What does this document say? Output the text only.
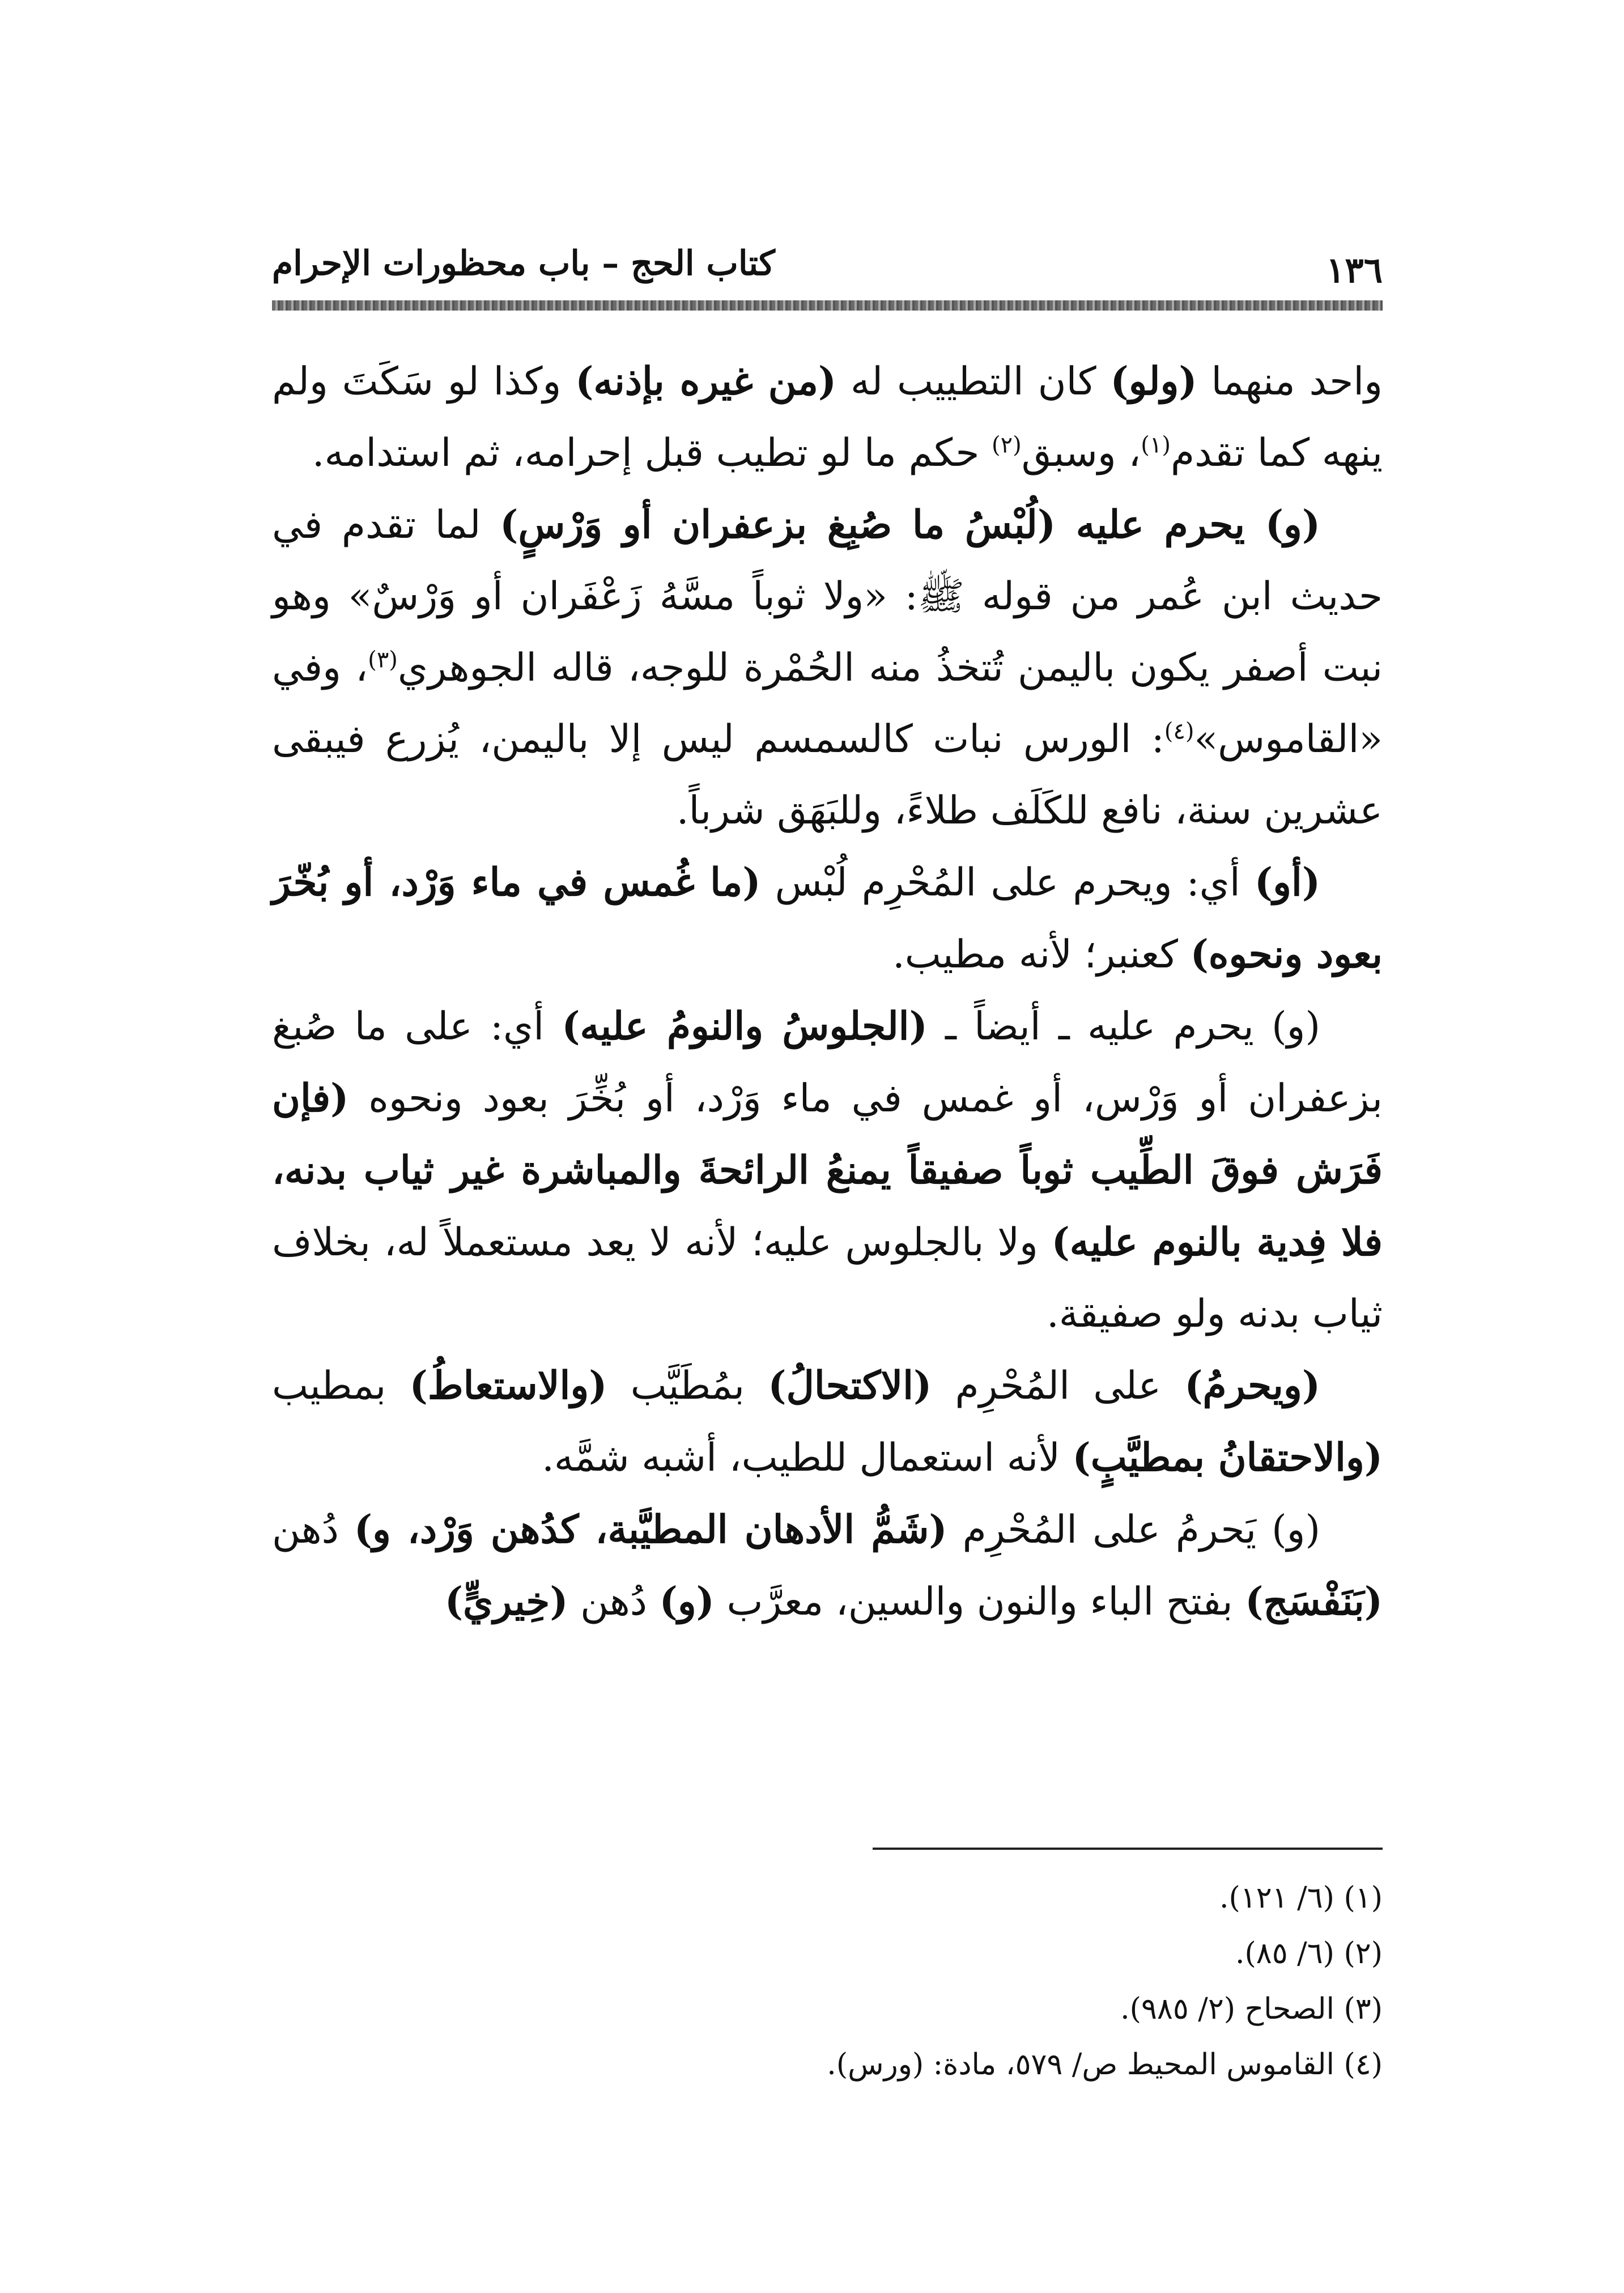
١٣٦
كتاب الحج – باب محظورات الإحرام

واحد منهما (ولو) كان التطييب له (من غيره بإذنه) وكذا لو سَكَتَ ولم ينهه كما تقدم$^{(١)}$، وسبق$^{(٢)}$ حكم ما لو تطيب قبل إحرامه، ثم استدامه.

(و) يحرم عليه (لُبْسُ ما صُبِغ بزعفران أو وَرْسٍ) لما تقدم في حديث ابن عُمر من قوله ﷺ: «ولا ثوباً مسَّهُ زَعْفَران أو وَرْسٌ» وهو نبت أصفر يكون باليمن تُتخذُ منه الحُمْرة للوجه، قاله الجوهري$^{(٣)}$، وفي «القاموس»$^{(٤)}$: الورس نبات كالسمسم ليس إلا باليمن، يُزرع فيبقى عشرين سنة، نافع للكَلَف طلاءً، وللبَهَق شرباً.

(أو) أي: ويحرم على المُحْرِم لُبْس (ما غُمس في ماء وَرْد، أو بُخّرَ بعود ونحوه) كعنبر؛ لأنه مطيب.

(و) يحرم عليه ـ أيضاً ـ (الجلوسُ والنومُ عليه) أي: على ما صُبغ بزعفران أو وَرْس، أو غمس في ماء وَرْد، أو بُخِّرَ بعود ونحوه (فإن فَرَش فوقَ الطِّيب ثوباً صفيقاً يمنعُ الرائحةَ والمباشرة غير ثياب بدنه، فلا فِدية بالنوم عليه) ولا بالجلوس عليه؛ لأنه لا يعد مستعملاً له، بخلاف ثياب بدنه ولو صفيقة.

(ويحرمُ) على المُحْرِم (الاكتحالُ) بمُطَيَّب (والاستعاطُ) بمطيب (والاحتقانُ بمطيَّبٍ) لأنه استعمال للطيب، أشبه شمَّه.

(و) يَحرمُ على المُحْرِم (شَمُّ الأدهان المطيَّبة، كدُهن وَرْد، و) دُهن (بَنَفْسَج) بفتح الباء والنون والسين، معرَّب (و) دُهن (خِيريٍّ)

(١) (٦/ ١٢١).

(٢) (٦/ ٨٥).

(٣) الصحاح (٢/ ٩٨٥).

(٤) القاموس المحيط ص/ ٥٧٩، مادة: (ورس).
